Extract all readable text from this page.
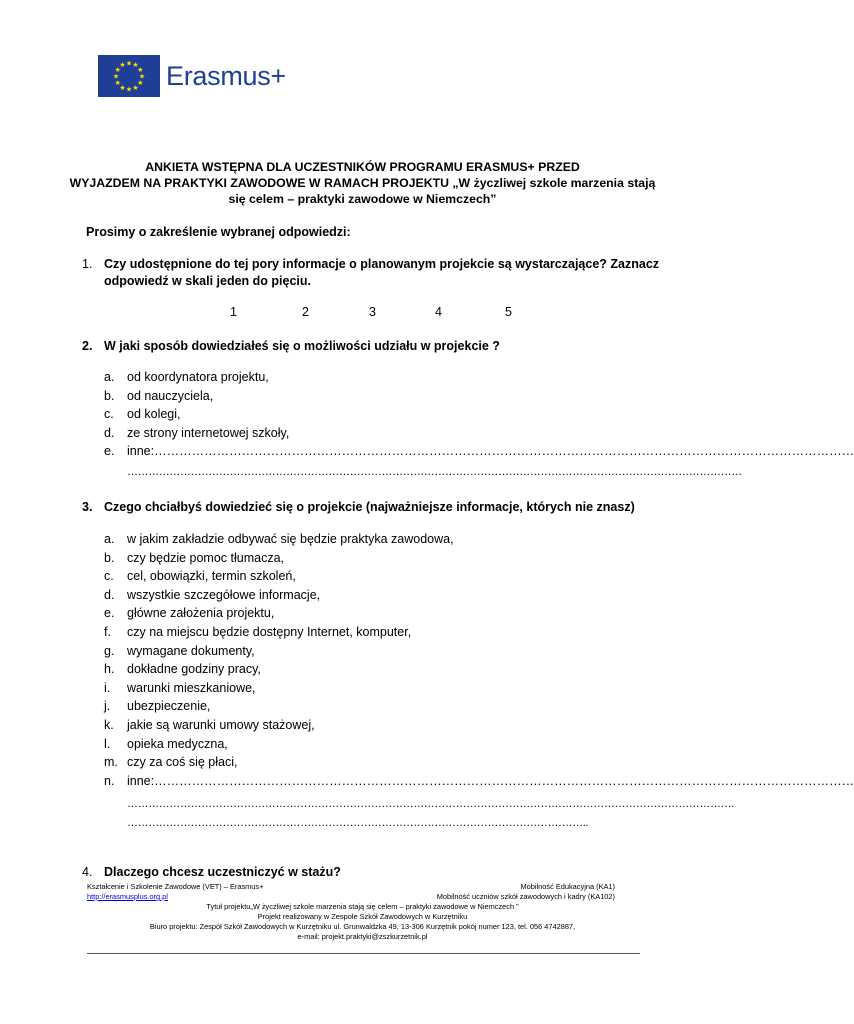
★ ★
★
★
★
★
★
★
★
★
★
★ Erasmus+
ANKIETA WSTĘPNA DLA UCZESTNIKÓW PROGRAMU ERASMUS+ PRZED
WYJAZDEM NA PRAKTYKI ZAWODOWE W RAMACH PROJEKTU „W życzliwej szkole marzenia stają
się celem – praktyki zawodowe w Niemczech”
Prosimy o zakreślenie wybranej odpowiedzi:
1. Czy udostępnione do tej pory informacje o planowanym projekcie są wystarczające? Zaznacz
odpowiedź w skali jeden do pięciu.
1	2	3	4	5
2. W jaki sposób dowiedziałeś się o możliwości udziału w projekcie ?
a. od koordynatora projektu,
b. od nauczyciela,
c. od kolegi,
d. ze strony internetowej szkoły,
e. inne:……………………………………………………………………………………………………………………………………………………
…………………………………………………………………………………………………………………………………………………………
3. Czego chciałbyś dowiedzieć się o projekcie (najważniejsze informacje, których nie znasz)
a. w jakim zakładzie odbywać się będzie praktyka zawodowa,
b. czy będzie pomoc tłumacza,
c. cel, obowiązki, termin szkoleń,
d. wszystkie szczegółowe informacje,
e. główne założenia projektu,
f. czy na miejscu będzie dostępny Internet, komputer,
g. wymagane dokumenty,
h. dokładne godziny pracy,
i. warunki mieszkaniowe,
j. ubezpieczenie,
k. jakie są warunki umowy stażowej,
l. opieka medyczna,
m. czy za coś się płaci,
n. inne:……………………………………………………………………………………………………………………………………………………
……………………………………………………………………………………………………………………………………………………….
…………………………………………………………………………………………………………………..
4. Dlaczego chcesz uczestniczyć w stażu?
Kształcenie i Szkolenie Zawodowe (VET) – Erasmus+
http://erasmusplus.org.pl
Mobilność Edukacyjna (KA1)
Mobilność uczniów szkół zawodowych i kadry (KA102)
Tytuł projektu„W życzliwej szkole marzenia stają się celem – praktyki zawodowe w Niemczech ”
Projekt realizowany w Zespole Szkół Zawodowych w Kurzętniku
Biuro projektu: Zespół Szkół Zawodowych w Kurzętniku ul. Grunwaldzka 49, 13-306 Kurzętnik pokój numer 123, tel. 056 4742887,
e-mail: projekt.praktyki@zszkurzetnik.pl
